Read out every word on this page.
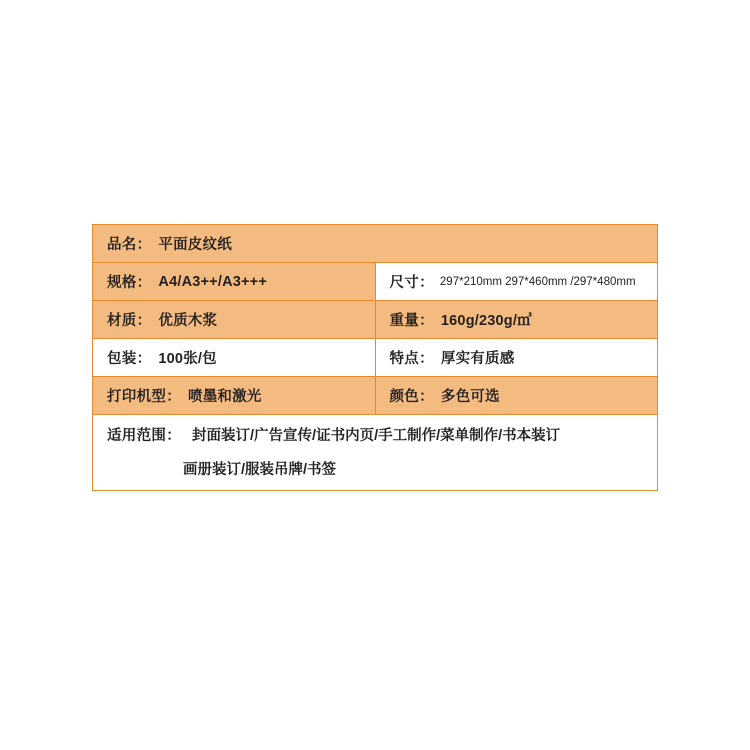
品名： 平面皮纹纸	

规格： A4/A3++/A3+++	尺寸： 297*210mm 297*460mm /297*480mm

材质： 优质木浆	重量： 160g/230g/㎡

包装： 100张/包	特点： 厚实有质感

打印机型： 喷墨和激光	颜色： 多色可选

适用范围： 封面装订/广告宣传/证书内页/手工制作/菜单制作/书本装订
画册装订/服装吊牌/书签	
